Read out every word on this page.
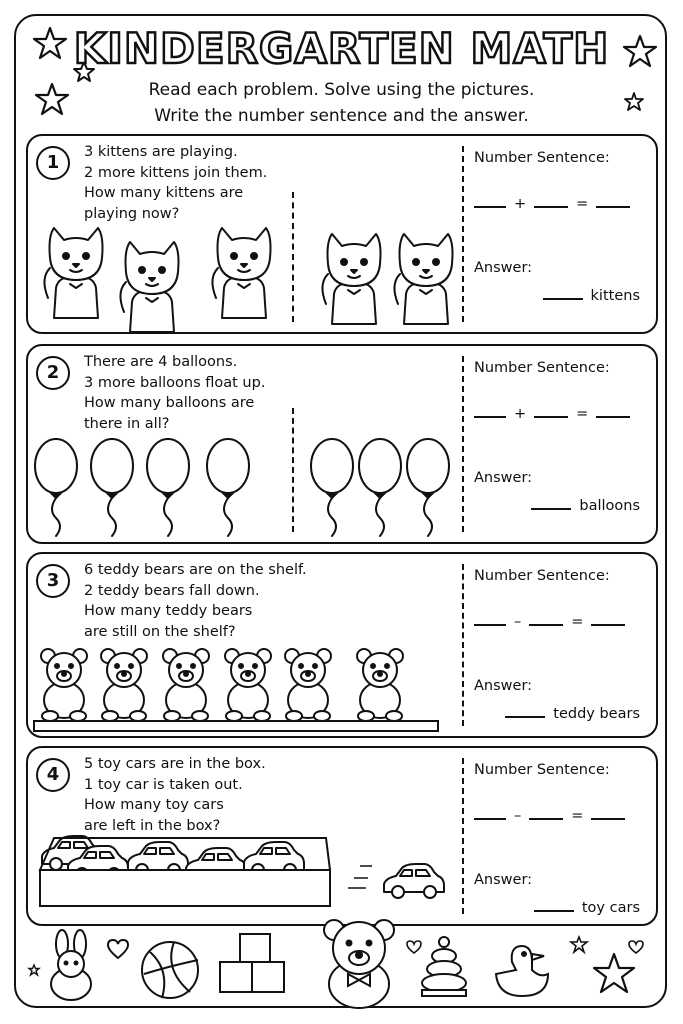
KINDERGARTEN MATH
Read each problem. Solve using the pictures.
Write the number sentence and the answer.
1	3 kittens are playing.
2 more kittens join them.
How many kittens are
playing now?
Number Sentence:
+	=
Answer:
kittens
2	There are 4 balloons.
3 more balloons float up.
How many balloons are
there in all?
Number Sentence:
+	=
Answer:
balloons
3	6 teddy bears are on the shelf.
2 teddy bears fall down.
How many teddy bears
are still on the shelf?
Number Sentence:
–	=
Answer:
teddy bears
4	5 toy cars are in the box.
1 toy car is taken out.
How many toy cars
are left in the box?
Number Sentence:
–	=
Answer:
toy cars
